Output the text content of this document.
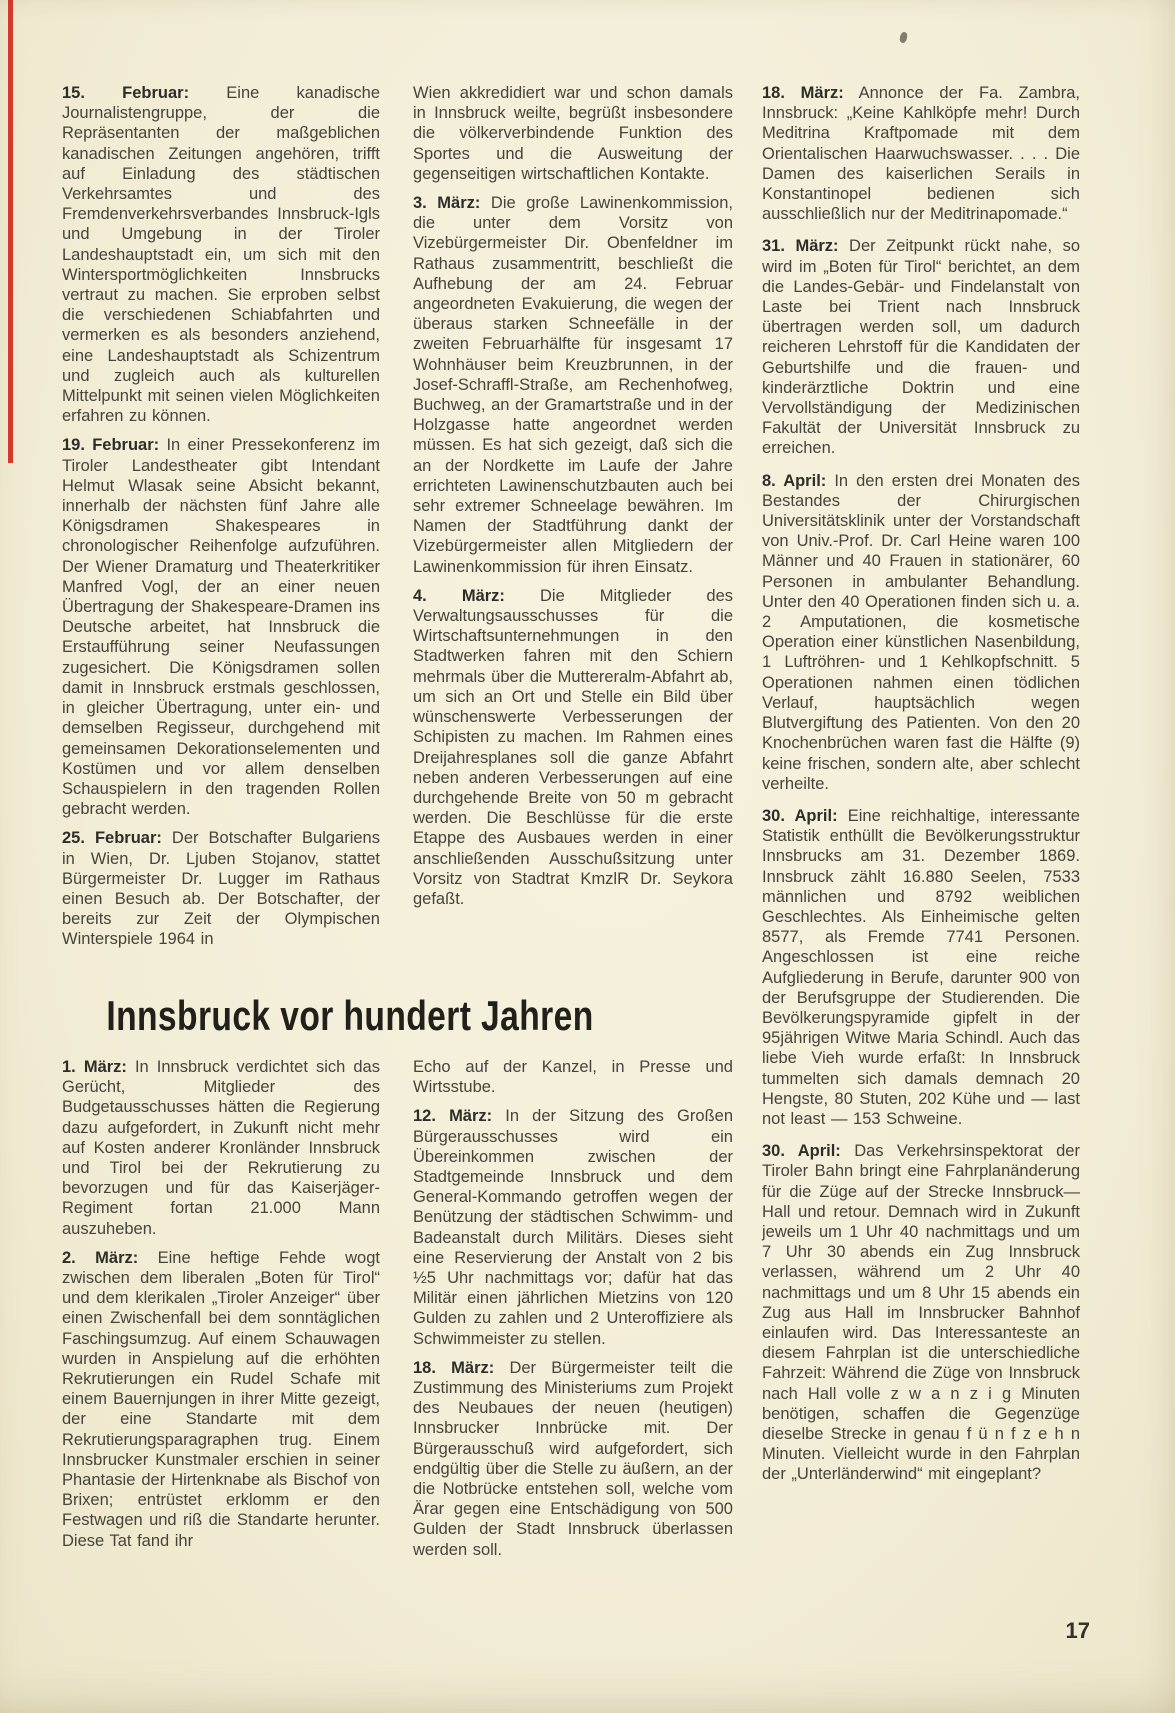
15. Februar: Eine kanadische Journalistengruppe, der die Repräsentanten der maßgeblichen kanadischen Zeitungen angehören, trifft auf Einladung des städtischen Verkehrsamtes und des Fremdenverkehrsverbandes Innsbruck-Igls und Umgebung in der Tiroler Landeshauptstadt ein, um sich mit den Wintersportmöglichkeiten Innsbrucks vertraut zu machen. Sie erproben selbst die verschiedenen Schiabfahrten und vermerken es als besonders anziehend, eine Landeshauptstadt als Schizentrum und zugleich auch als kulturellen Mittelpunkt mit seinen vielen Möglichkeiten erfahren zu können.

19. Februar: In einer Pressekonferenz im Tiroler Landestheater gibt Intendant Helmut Wlasak seine Absicht bekannt, innerhalb der nächsten fünf Jahre alle Königsdramen Shakespeares in chronologischer Reihenfolge aufzuführen. Der Wiener Dramaturg und Theaterkritiker Manfred Vogl, der an einer neuen Übertragung der Shakespeare-Dramen ins Deutsche arbeitet, hat Innsbruck die Erstaufführung seiner Neufassungen zugesichert. Die Königsdramen sollen damit in Innsbruck erstmals geschlossen, in gleicher Übertragung, unter ein- und demselben Regisseur, durchgehend mit gemeinsamen Dekorationselementen und Kostümen und vor allem denselben Schauspielern in den tragenden Rollen gebracht werden.

25. Februar: Der Botschafter Bulgariens in Wien, Dr. Ljuben Stojanov, stattet Bürgermeister Dr. Lugger im Rathaus einen Besuch ab. Der Botschafter, der bereits zur Zeit der Olympischen Winterspiele 1964 in

Wien akkredidiert war und schon damals in Innsbruck weilte, begrüßt insbesondere die völkerverbindende Funktion des Sportes und die Ausweitung der gegenseitigen wirtschaftlichen Kontakte.

3. März: Die große Lawinenkommission, die unter dem Vorsitz von Vizebürgermeister Dir. Obenfeldner im Rathaus zusammentritt, beschließt die Aufhebung der am 24. Februar angeordneten Evakuierung, die wegen der überaus starken Schneefälle in der zweiten Februarhälfte für insgesamt 17 Wohnhäuser beim Kreuzbrunnen, in der Josef-Schraffl-Straße, am Rechenhofweg, Buchweg, an der Gramartstraße und in der Holzgasse hatte angeordnet werden müssen. Es hat sich gezeigt, daß sich die an der Nordkette im Laufe der Jahre errichteten Lawinenschutzbauten auch bei sehr extremer Schneelage bewähren. Im Namen der Stadtführung dankt der Vizebürgermeister allen Mitgliedern der Lawinenkommission für ihren Einsatz.

4. März: Die Mitglieder des Verwaltungsausschusses für die Wirtschaftsunternehmungen in den Stadtwerken fahren mit den Schiern mehrmals über die Muttereralm-Abfahrt ab, um sich an Ort und Stelle ein Bild über wünschenswerte Verbesserungen der Schipisten zu machen. Im Rahmen eines Dreijahresplanes soll die ganze Abfahrt neben anderen Verbesserungen auf eine durchgehende Breite von 50 m gebracht werden. Die Beschlüsse für die erste Etappe des Ausbaues werden in einer anschließenden Ausschußsitzung unter Vorsitz von Stadtrat KmzlR Dr. Seykora gefaßt.

18. März: Annonce der Fa. Zambra, Innsbruck: „Keine Kahlköpfe mehr! Durch Meditrina Kraftpomade mit dem Orientalischen Haarwuchswasser. . . . Die Damen des kaiserlichen Serails in Konstantinopel bedienen sich ausschließlich nur der Meditrinapomade.“

31. März: Der Zeitpunkt rückt nahe, so wird im „Boten für Tirol“ berichtet, an dem die Landes-Gebär- und Findelanstalt von Laste bei Trient nach Innsbruck übertragen werden soll, um dadurch reicheren Lehrstoff für die Kandidaten der Geburtshilfe und die frauen- und kinderärztliche Doktrin und eine Vervollständigung der Medizinischen Fakultät der Universität Innsbruck zu erreichen.

8. April: In den ersten drei Monaten des Bestandes der Chirurgischen Universitätsklinik unter der Vorstandschaft von Univ.-Prof. Dr. Carl Heine waren 100 Männer und 40 Frauen in stationärer, 60 Personen in ambulanter Behandlung. Unter den 40 Operationen finden sich u. a. 2 Amputationen, die kosmetische Operation einer künstlichen Nasenbildung, 1 Luftröhren- und 1 Kehlkopfschnitt. 5 Operationen nahmen einen tödlichen Verlauf, hauptsächlich wegen Blutvergiftung des Patienten. Von den 20 Knochenbrüchen waren fast die Hälfte (9) keine frischen, sondern alte, aber schlecht verheilte.

30. April: Eine reichhaltige, interessante Statistik enthüllt die Bevölkerungsstruktur Innsbrucks am 31. Dezember 1869. Innsbruck zählt 16.880 Seelen, 7533 männlichen und 8792 weiblichen Geschlechtes. Als Einheimische gelten 8577, als Fremde 7741 Personen. Angeschlossen ist eine reiche Aufgliederung in Berufe, darunter 900 von der Berufsgruppe der Studierenden. Die Bevölkerungspyramide gipfelt in der 95jährigen Witwe Maria Schindl. Auch das liebe Vieh wurde erfaßt: In Innsbruck tummelten sich damals demnach 20 Hengste, 80 Stuten, 202 Kühe und — last not least — 153 Schweine.

30. April: Das Verkehrsinspektorat der Tiroler Bahn bringt eine Fahrplanänderung für die Züge auf der Strecke Innsbruck—Hall und retour. Demnach wird in Zukunft jeweils um 1 Uhr 40 nachmittags und um 7 Uhr 30 abends ein Zug Innsbruck verlassen, während um 2 Uhr 40 nachmittags und um 8 Uhr 15 abends ein Zug aus Hall im Innsbrucker Bahnhof einlaufen wird. Das Interessanteste an diesem Fahrplan ist die unterschiedliche Fahrzeit: Während die Züge von Innsbruck nach Hall volle z w a n z i g Minuten benötigen, schaffen die Gegenzüge dieselbe Strecke in genau f ü n f z e h n Minuten. Vielleicht wurde in den Fahrplan der „Unterländerwind“ mit eingeplant?

Innsbruck vor hundert Jahren

1. März: In Innsbruck verdichtet sich das Gerücht, Mitglieder des Budgetausschusses hätten die Regierung dazu aufgefordert, in Zukunft nicht mehr auf Kosten anderer Kronländer Innsbruck und Tirol bei der Rekrutierung zu bevorzugen und für das Kaiserjäger-Regiment fortan 21.000 Mann auszuheben.

2. März: Eine heftige Fehde wogt zwischen dem liberalen „Boten für Tirol“ und dem klerikalen „Tiroler Anzeiger“ über einen Zwischenfall bei dem sonntäglichen Faschingsumzug. Auf einem Schauwagen wurden in Anspielung auf die erhöhten Rekrutierungen ein Rudel Schafe mit einem Bauernjungen in ihrer Mitte gezeigt, der eine Standarte mit dem Rekrutierungsparagraphen trug. Einem Innsbrucker Kunstmaler erschien in seiner Phantasie der Hirtenknabe als Bischof von Brixen; entrüstet erklomm er den Festwagen und riß die Standarte herunter. Diese Tat fand ihr

Echo auf der Kanzel, in Presse und Wirtsstube.

12. März: In der Sitzung des Großen Bürgerausschusses wird ein Übereinkommen zwischen der Stadtgemeinde Innsbruck und dem General-Kommando getroffen wegen der Benützung der städtischen Schwimm- und Badeanstalt durch Militärs. Dieses sieht eine Reservierung der Anstalt von 2 bis ½5 Uhr nachmittags vor; dafür hat das Militär einen jährlichen Mietzins von 120 Gulden zu zahlen und 2 Unteroffiziere als Schwimmeister zu stellen.

18. März: Der Bürgermeister teilt die Zustimmung des Ministeriums zum Projekt des Neubaues der neuen (heutigen) Innsbrucker Innbrücke mit. Der Bürgerausschuß wird aufgefordert, sich endgültig über die Stelle zu äußern, an der die Notbrücke entstehen soll, welche vom Ärar gegen eine Entschädigung von 500 Gulden der Stadt Innsbruck überlassen werden soll.

17
